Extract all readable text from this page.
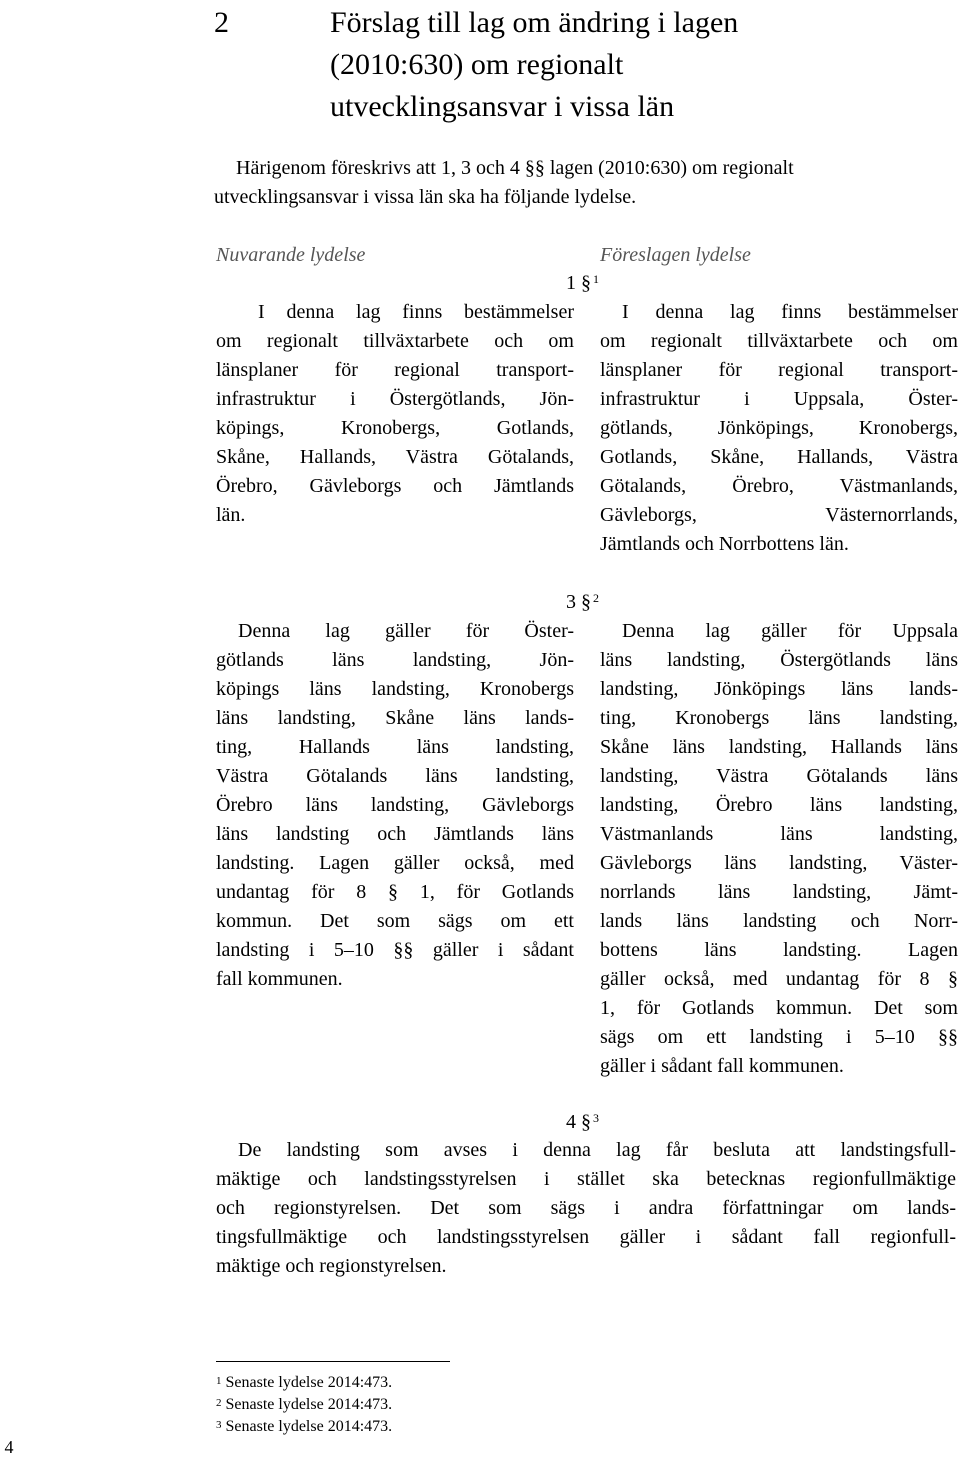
2	Förslag till lag om ändring i lagen
(2010:630) om regionalt
utvecklingsansvar i vissa län
Härigenom föreskrivs att 1, 3 och 4 §§ lagen (2010:630) om regionalt
utvecklingsansvar i vissa län ska ha följande lydelse.
Nuvarande lydelse	Föreslagen lydelse
1 § $^1$
I denna lag finns bestämmelser
om regionalt tillväxtarbete och om
länsplaner för regional transport-
infrastruktur i Östergötlands, Jön-
köpings, Kronobergs, Gotlands,
Skåne, Hallands, Västra Götalands,
Örebro, Gävleborgs och Jämtlands
län.
I denna lag finns bestämmelser
om regionalt tillväxtarbete och om
länsplaner för regional transport-
infrastruktur i Uppsala, Öster-
götlands, Jönköpings, Kronobergs,
Gotlands, Skåne, Hallands, Västra
Götalands, Örebro, Västmanlands,
Gävleborgs, Västernorrlands,
Jämtlands och Norrbottens län.
3 § $^2$
Denna lag gäller för Öster-
götlands läns landsting, Jön-
köpings läns landsting, Kronobergs
läns landsting, Skåne läns lands-
ting, Hallands läns landsting,
Västra Götalands läns landsting,
Örebro läns landsting, Gävleborgs
läns landsting och Jämtlands läns
landsting. Lagen gäller också, med
undantag för 8 § 1, för Gotlands
kommun. Det som sägs om ett
landsting i 5–10 §§ gäller i sådant
fall kommunen.
Denna lag gäller för Uppsala
läns landsting, Östergötlands läns
landsting, Jönköpings läns lands-
ting, Kronobergs läns landsting,
Skåne läns landsting, Hallands läns
landsting, Västra Götalands läns
landsting, Örebro läns landsting,
Västmanlands läns landsting,
Gävleborgs läns landsting, Väster-
norrlands läns landsting, Jämt-
lands läns landsting och Norr-
bottens läns landsting. Lagen
gäller också, med undantag för 8 §
1, för Gotlands kommun. Det som
sägs om ett landsting i 5–10 §§
gäller i sådant fall kommunen.
4 § $^3$
De landsting som avses i denna lag får besluta att landstingsfull-
mäktige och landstingsstyrelsen i stället ska betecknas regionfullmäktige
och regionstyrelsen. Det som sägs i andra författningar om lands-
tingsfullmäktige och landstingsstyrelsen gäller i sådant fall regionfull-
mäktige och regionstyrelsen.
$^1$ Senaste lydelse 2014:473.
$^2$ Senaste lydelse 2014:473.
$^3$ Senaste lydelse 2014:473.
4
